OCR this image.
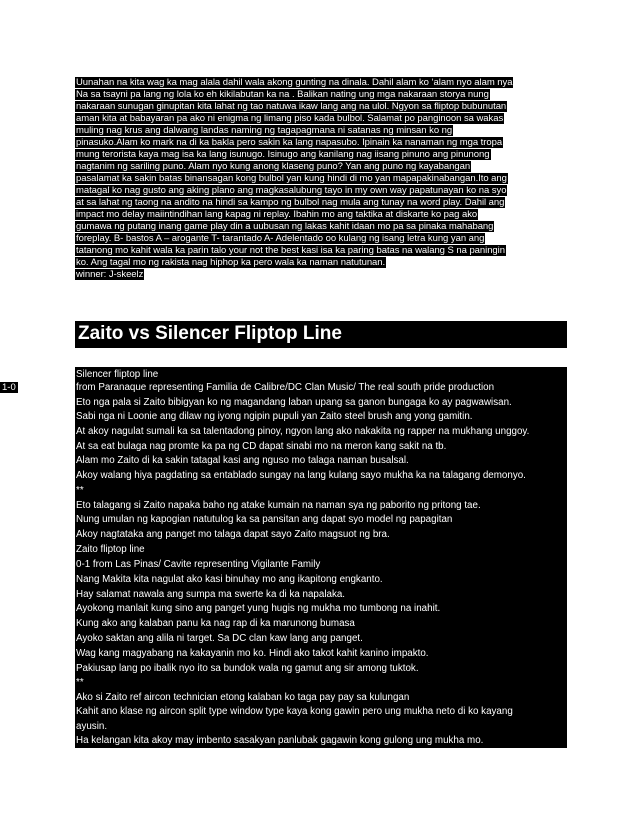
Uunahan na kita wag ka mag alala dahil wala akong gunting na dinala. Dahil alam ko ‘alam nyo alam nya
Na sa tsayni pa lang ng lola ko eh kikilabutan ka na . Balikan nating ung mga nakaraan storya nung
nakaraan sunugan ginupitan kita lahat ng tao natuwa ikaw lang ang na ulol. Ngyon sa fliptop bubunutan
aman kita at babayaran pa ako ni enigma ng limang piso kada bulbol. Salamat po panginoon sa wakas
muling nag krus ang dalwang landas naming ng tagapagmana ni satanas ng minsan ko ng
pinasuko.Alam ko mark na di ka bakla pero sakin ka lang napasubo. Ipinain ka nanaman ng mga tropa
mung terorista kaya mag isa ka lang isunugo. Isinugo ang kanilang nag iisang pinuno ang pinunong
nagtanim ng sariling puno. Alam nyo kung anong klaseng puno? Yan ang puno ng kayabangan
pasalamat ka sakin batas binansagan kong bulbol yan kung hindi di mo yan mapapakinabangan.Ito ang
matagal ko nag gusto ang aking plano ang magkasalubung tayo in my own way papatunayan ko na syo
at sa lahat ng taong na andito na hindi sa kampo ng bulbol nag mula ang tunay na word play. Dahil ang
impact mo delay maiintindihan lang kapag ni replay. Ibahin mo ang taktika at diskarte ko pag ako
gumawa ng putang inang game play din a uubusan ng lakas kahit idaan mo pa sa pinaka mahabang
foreplay. B- bastos A – arogante T- tarantado A- Adelentado oo kulang ng isang letra kung yan ang
tatanong mo kahit wala ka parin talo your not the best kasi isa ka paring batas na walang S na paningin
ko. Ang tagal mo ng rakista nag hiphop ka pero wala ka naman natutunan.
winner: J-skeelz
Zaito vs Silencer Fliptop Line
1-0
Silencer fliptop line
from Paranaque representing Familia de Calibre/DC Clan Music/ The real south pride production
Eto nga pala si Zaito bibigyan ko ng magandang laban upang sa ganon bungaga ko ay pagwawisan.
Sabi nga ni Loonie ang dilaw ng iyong ngipin pupuli yan Zaito steel brush ang yong gamitin.
At akoy nagulat sumali ka sa talentadong pinoy, ngyon lang ako nakakita ng rapper na mukhang unggoy.
At sa eat bulaga nag promte ka pa ng CD dapat sinabi mo na meron kang sakit na tb.
Alam mo Zaito di ka sakin tatagal kasi ang nguso mo talaga naman busalsal.
Akoy walang hiya pagdating sa entablado sungay na lang kulang sayo mukha ka na talagang demonyo.
**
Eto talagang si Zaito napaka baho ng atake kumain na naman sya ng paborito ng pritong tae.
Nung umulan ng kapogian natutulog ka sa pansitan ang dapat syo model ng papagitan
Akoy nagtataka ang panget mo talaga dapat sayo Zaito magsuot ng bra.
Zaito fliptop line
0-1 from Las Pinas/ Cavite representing Vigilante Family
Nang Makita kita nagulat ako kasi binuhay mo ang ikapitong engkanto.
Hay salamat nawala ang sumpa ma swerte ka di ka napalaka.
Ayokong manlait kung sino ang panget yung hugis ng mukha mo tumbong na inahit.
Kung ako ang kalaban panu ka nag rap di ka marunong bumasa
Ayoko saktan ang alila ni target. Sa DC clan kaw lang ang panget.
Wag kang magyabang na kakayanin mo ko. Hindi ako takot kahit kanino impakto.
Pakiusap lang po ibalik nyo ito sa bundok wala ng gamut ang sir among tuktok.
**
Ako si Zaito ref aircon technician etong kalaban ko taga pay pay sa kulungan
Kahit ano klase ng aircon split type window type kaya kong gawin pero ung mukha neto di ko kayang
ayusin.
Ha kelangan kita akoy may imbento sasakyan panlubak gagawin kong gulong ung mukha mo.
